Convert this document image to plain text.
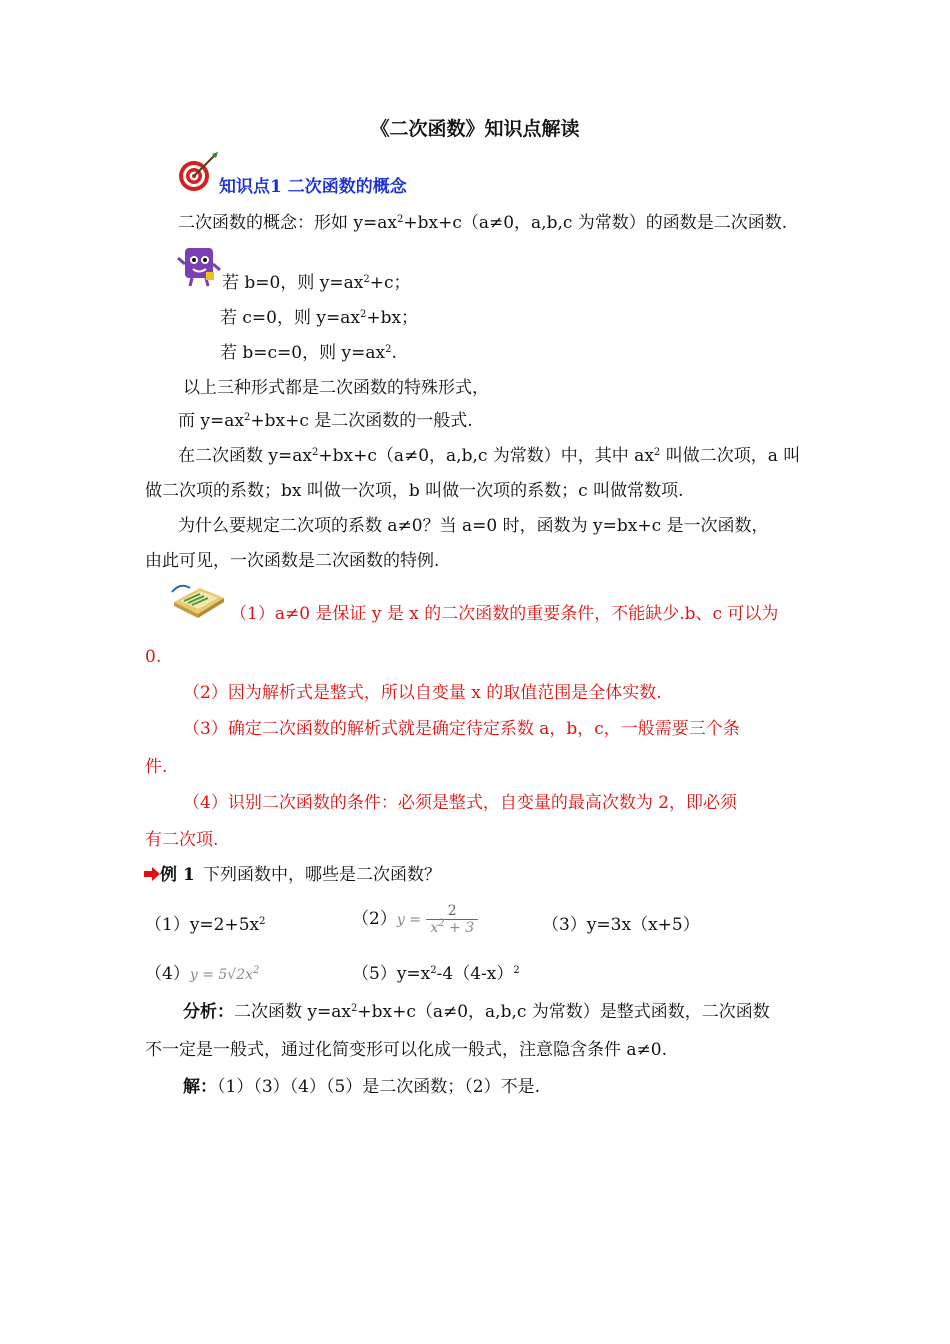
《二次函数》知识点解读
知识点1 二次函数的概念
二次函数的概念：形如 $y=ax^2+bx+c(a\ne 0$，a,b,c 为常数）的函数是二次函数.
若 b=0，则 $y=ax^2+c$；
若 c=0，则 $y=ax^2+bx$；
若 b=c=0，则 $y=ax^2$.
以上三种形式都是二次函数的特殊形式，
而 $y=ax^2+bx+c$ 是二次函数的一般式.
在二次函数 $y=ax^2+bx+c(a\ne 0$，a,b,c 为常数）中，其中 $ax^2$ 叫做二次项，a 叫
做二次项的系数；bx 叫做一次项，b 叫做一次项的系数；c 叫做常数项.
为什么要规定二次项的系数 a≠0？当 a=0 时，函数为 y=bx+c 是一次函数，
由此可见，一次函数是二次函数的特例.
（1）a≠0 是保证 y 是 x 的二次函数的重要条件，不能缺少.b、c 可以为
0.
（2）因为解析式是整式，所以自变量 x 的取值范围是全体实数.
（3）确定二次函数的解析式就是确定待定系数 a，b，c，一般需要三个条
件.
（4）识别二次函数的条件：必须是整式，自变量的最高次数为 2，即必须
有二次项.
例 1 下列函数中，哪些是二次函数？
$(1)y=2+5x^2$	$(2)y = \frac{2}{x^2 + 3}$	（3）y=3x（x+5）
$(4)y = 5√2x^2$	$(5)y=x^2-4(4-x)^2$
分析：二次函数 $y=ax^2+bx+c(a\ne 0$，a,b,c 为常数）是整式函数，二次函数
不一定是一般式，通过化简变形可以化成一般式，注意隐含条件 a≠0.
解：（1）（3）（4）（5）是二次函数；（2）不是.
